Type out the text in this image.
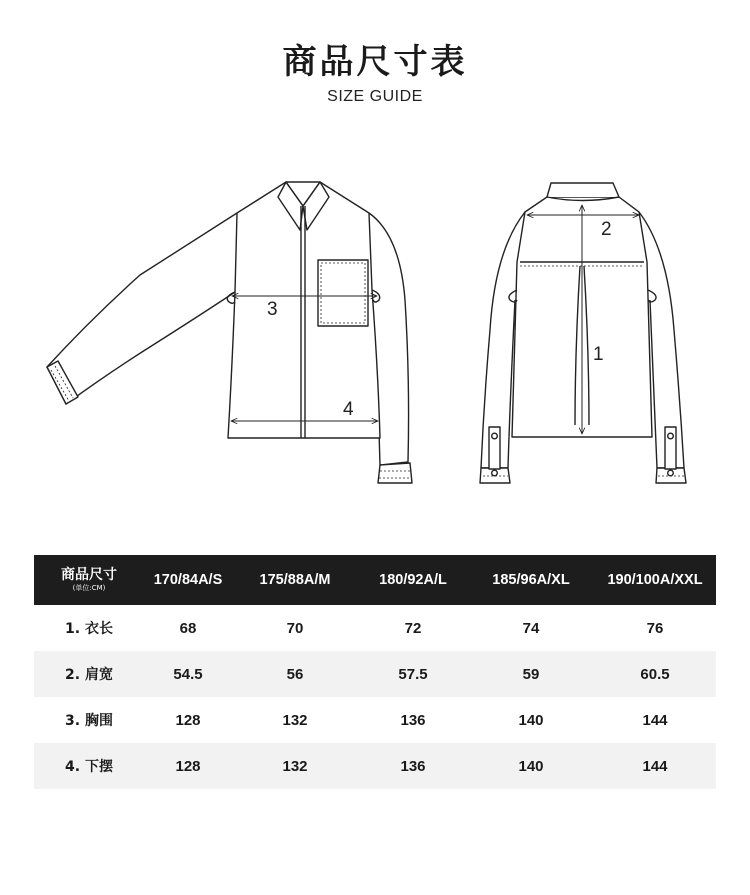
商品尺寸表
SIZE GUIDE
3
4
2
1
商品尺寸
(单位:CM)	170/84A/S	175/88A/M	180/92A/L	185/96A/XL	190/100A/XXL
1. 衣长	68	70	72	74	76
2. 肩宽	54.5	56	57.5	59	60.5
3. 胸围	128	132	136	140	144
4. 下摆	128	132	136	140	144
